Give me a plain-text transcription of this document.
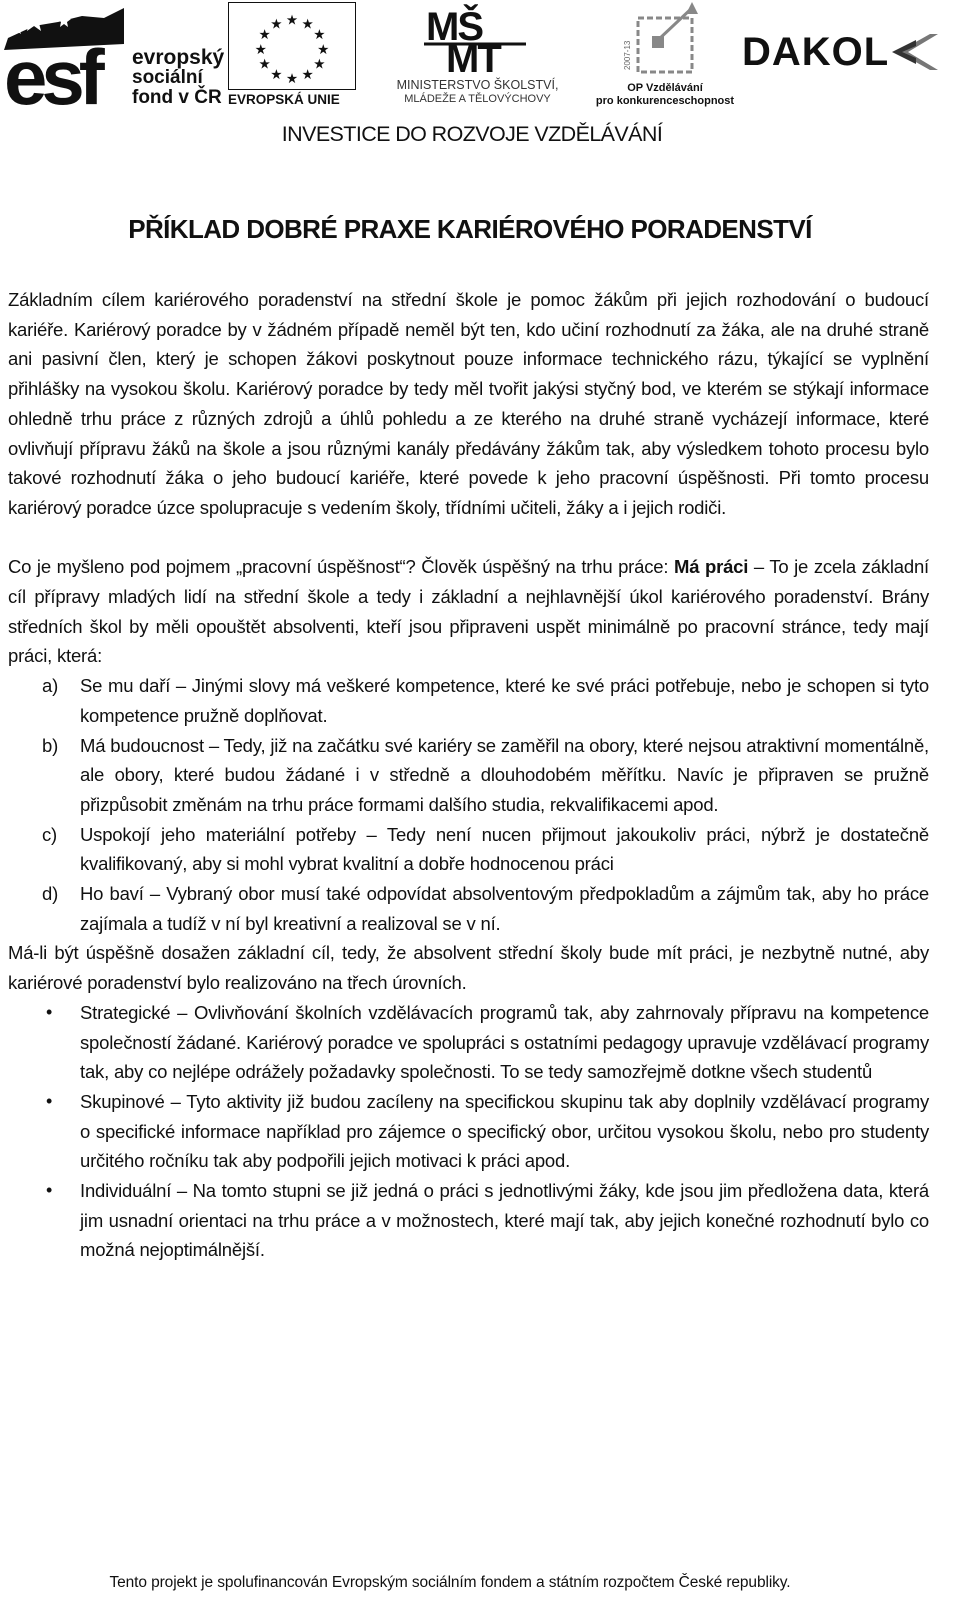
esf	evropský
sociální
fond v ČR
★ ★
★
★
★
★
★
★
★
★
★
★
EVROPSKÁ UNIE
MŠ
MT
MINISTERSTVO ŠKOLSTVÍ,
MLÁDEŽE A TĚLOVÝCHOVY
2007-13
OP Vzdělávání
pro konkurenceschopnost
DAKOL
INVESTICE DO ROZVOJE VZDĚLÁVÁNÍ
PŘÍKLAD DOBRÉ PRAXE KARIÉROVÉHO PORADENSTVÍ

Základním cílem kariérového poradenství na střední škole je pomoc žákům při jejich rozhodování o budoucí kariéře. Kariérový poradce by v žádném případě neměl být ten, kdo učiní rozhodnutí za žáka, ale na druhé straně ani pasivní člen, který je schopen žákovi poskytnout pouze informace technického rázu, týkající se vyplnění přihlášky na vysokou školu. Kariérový poradce by tedy měl tvořit jakýsi styčný bod, ve kterém se stýkají informace ohledně trhu práce z různých zdrojů a úhlů pohledu a ze kterého na druhé straně vycházejí informace, které ovlivňují přípravu žáků na škole a jsou různými kanály předávány žákům tak, aby výsledkem tohoto procesu bylo takové rozhodnutí žáka o jeho budoucí kariéře, které povede k jeho pracovní úspěšnosti. Při tomto procesu kariérový poradce úzce spolupracuje s vedením školy, třídními učiteli, žáky a i jejich rodiči.

Co je myšleno pod pojmem „pracovní úspěšnost“? Člověk úspěšný na trhu práce: Má práci – To je zcela základní cíl přípravy mladých lidí na střední škole a tedy i základní a nejhlavnější úkol kariérového poradenství. Brány středních škol by měli opouštět absolventi, kteří jsou připraveni uspět minimálně po pracovní stránce, tedy mají práci, která:

a) Se mu daří – Jinými slovy má veškeré kompetence, které ke své práci potřebuje, nebo je schopen si tyto kompetence pružně doplňovat.
b) Má budoucnost – Tedy, již na začátku své kariéry se zaměřil na obory, které nejsou atraktivní momentálně, ale obory, které budou žádané i v středně a dlouhodobém měřítku. Navíc je připraven se pružně přizpůsobit změnám na trhu práce formami dalšího studia, rekvalifikacemi apod.
c) Uspokojí jeho materiální potřeby – Tedy není nucen přijmout jakoukoliv práci, nýbrž je dostatečně kvalifikovaný, aby si mohl vybrat kvalitní a dobře hodnocenou práci
d) Ho baví – Vybraný obor musí také odpovídat absolventovým předpokladům a zájmům tak, aby ho práce zajímala a tudíž v ní byl kreativní a realizoval se v ní.

Má-li být úspěšně dosažen základní cíl, tedy, že absolvent střední školy bude mít práci, je nezbytně nutné, aby kariérové poradenství bylo realizováno na třech úrovních.

• Strategické – Ovlivňování školních vzdělávacích programů tak, aby zahrnovaly přípravu na kompetence společností žádané. Kariérový poradce ve spolupráci s ostatními pedagogy upravuje vzdělávací programy tak, aby co nejlépe odrážely požadavky společnosti. To se tedy samozřejmě dotkne všech studentů
• Skupinové – Tyto aktivity již budou zacíleny na specifickou skupinu tak aby doplnily vzdělávací programy o specifické informace například pro zájemce o specifický obor, určitou vysokou školu, nebo pro studenty určitého ročníku tak aby podpořili jejich motivaci k práci apod.
• Individuální – Na tomto stupni se již jedná o práci s jednotlivými žáky, kde jsou jim předložena data, která jim usnadní orientaci na trhu práce a v možnostech, které mají tak, aby jejich konečné rozhodnutí bylo co možná nejoptimálnější.
Tento projekt je spolufinancován Evropským sociálním fondem a státním rozpočtem České republiky.
